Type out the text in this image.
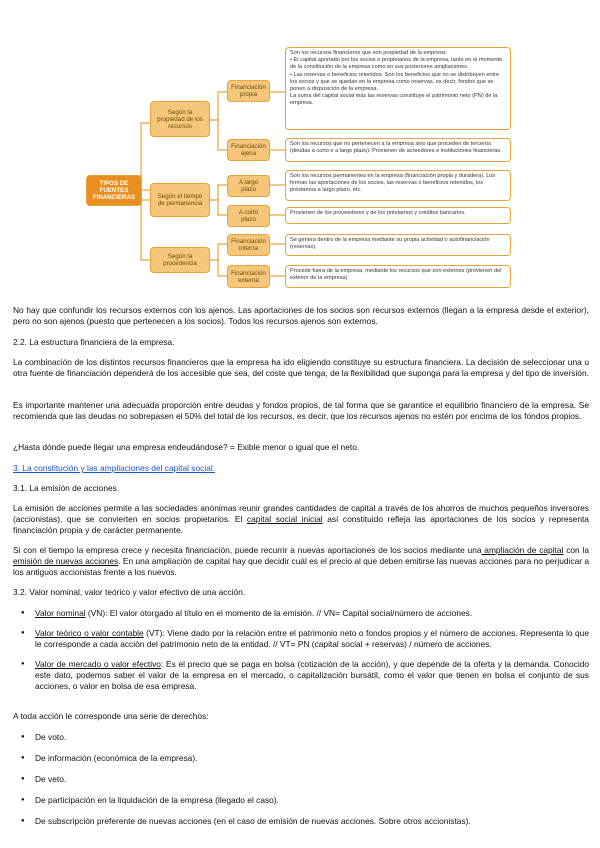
TIPOS DE FUENTES FINANCIERAS
Según la propiedad de los recursos
Según el tiempo de permanencia
Según la procedencia
Financiación propia
Financiación ajena
A largo plazo
A corto plazo
Financiación interna
Financiación externa

Son los recursos financieros que son propiedad de la empresa:

• El capital aportado por los socios o propietarios de la empresa, tanto en el momento de la constitución de la empresa como en sus posteriores ampliaciones.

• Las reservas o beneficios retenidos. Son los beneficios que no se distribuyen entre los socios y que se quedan en la empresa como reservas, es decir, fondos que se ponen a disposición de la empresa.

La suma del capital social más las reservas constituye el patrimonio neto (PN) de la empresa.

Son los recursos que no pertenecen a la empresa sino que proceden de terceros (deudas a corto o a largo plazo). Provienen de acreedores e instituciones financieras.
Son los recursos permanentes en la empresa (financiación propia y duradera). Los forman las aportaciones de los socios, las reservas o beneficios retenidos, los préstamos a largo plazo, etc.
Provienen de los proveedores y de los préstamos y créditos bancarios.
Se genera dentro de la empresa mediante su propia actividad o autofinanciación (reservas).
Procede fuera de la empresa, mediante los recursos que son externos (provienen del exterior de la empresa).
No hay que confundir los recursos externos con los ajenos. Las aportaciones de los socios son recursos externos (llegan a la empresa desde el exterior), pero no son ajenos (puesto que pertenecen a los socios). Todos los recursos ajenos son externos.
2.2. La estructura financiera de la empresa.
La combinación de los distintos recursos financieros que la empresa ha ido eligiendo constituye su estructura financiera. La decisión de seleccionar una u otra fuente de financiación dependerá de los accesible que sea, del coste que tenga, de la flexibilidad que suponga para la empresa y del tipo de inversión.
Es importante mantener una adecuada proporción entre deudas y fondos propios, de tal forma que se garantice el equilibrio financiero de la empresa. Se recomienda que las deudas no sobrepasen el 50% del total de los recursos, es decir, que los recursos ajenos no estén por encima de los fondos propios.
¿Hasta dónde puede llegar una empresa endeudándose? = Exible menor o igual que el neto.
3. La constitución y las ampliaciones del capital social.
3.1. La emisión de acciones.
La emisión de acciones permite a las sociedades anónimas reunir grandes cantidades de capital a través de los ahorros de muchos pequeños inversores (accionistas), que se convierten en socios propietarios. El capital social inicial así constituido refleja las aportaciones de los socios y representa financiación propia y de carácter permanente.
Si con el tiempo la empresa crece y necesita financiación, puede recurrir a nuevas aportaciones de los socios mediante una ampliación de capital con la emisión de nuevas acciones. En una ampliación de capital hay que decidir cuál es el precio al que deben emitirse las nuevas acciones para no perjudicar a los antiguos accionistas frente a los nuevos.
3.2. Valor nominal, valor teórico y valor efectivo de una acción.
● Valor nominal (VN): El valor otorgado al título en el momento de la emisión. // VN= Capital social/número de acciones.
● Valor teórico o valor contable (VT): Viene dado por la relación entre el patrimonio neto o fondos propios y el número de acciones. Representa lo que le corresponde a cada acción del patrimonio neto de la entidad. // VT= PN (capital social + reservas) / número de acciones.
● Valor de mercado o valor efectivo: Es el precio que se paga en bolsa (cotización de la acción), y que depende de la oferta y la demanda. Conocido este dato, podemos saber el valor de la empresa en el mercado, o capitalización bursátil, como el valor que tienen en bolsa el conjunto de sus acciones, o valor en bolsa de esa empresa.
A toda acción le corresponde una serie de derechos:
● De voto.
● De información (económica de la empresa).
● De veto.
● De participación en la liquidación de la empresa (llegado el caso).
● De subscripción preferente de nuevas acciones (en el caso de emisión de nuevas acciones. Sobre otros accionistas).
